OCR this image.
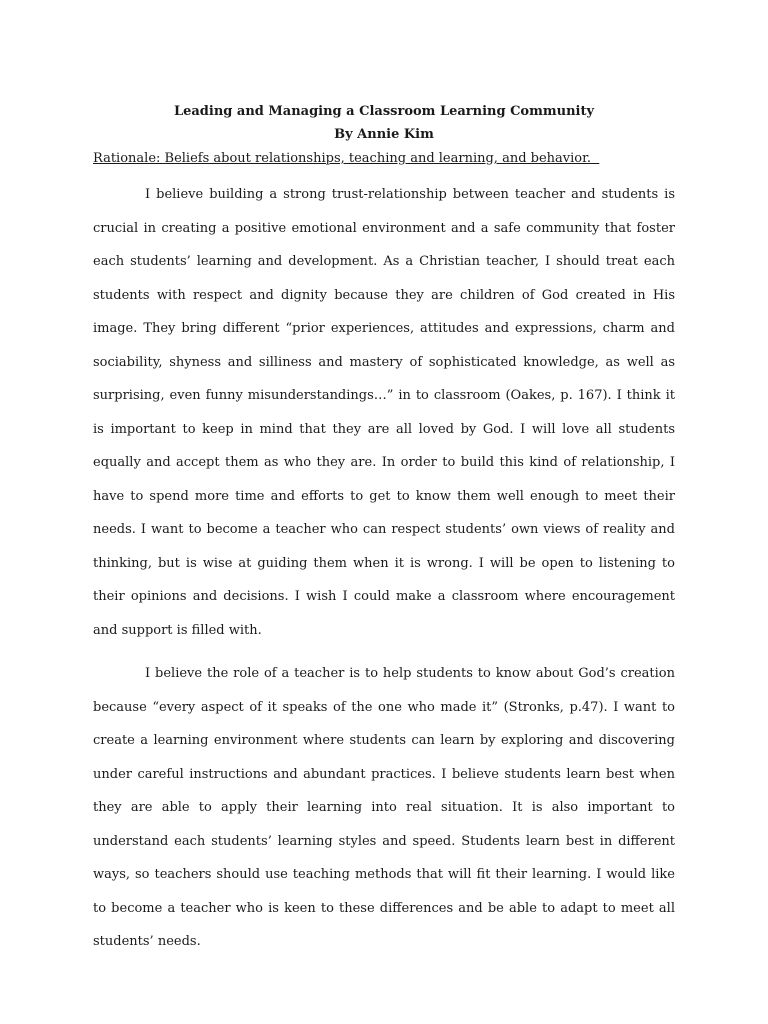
Leading and Managing a Classroom Learning Community

By Annie Kim

Rationale: Beliefs about relationships, teaching and learning, and behavior.

I believe building a strong trust-relationship between teacher and students is crucial in creating a positive emotional environment and a safe community that foster each students’ learning and development. As a Christian teacher, I should treat each students with respect and dignity because they are children of God created in His image. They bring different “prior experiences, attitudes and expressions, charm and sociability, shyness and silliness and mastery of sophisticated knowledge, as well as surprising, even funny misunderstandings…” in to classroom (Oakes, p. 167). I think it is important to keep in mind that they are all loved by God. I will love all students equally and accept them as who they are. In order to build this kind of relationship, I have to spend more time and efforts to get to know them well enough to meet their needs. I want to become a teacher who can respect students’ own views of reality and thinking, but is wise at guiding them when it is wrong. I will be open to listening to their opinions and decisions. I wish I could make a classroom where encouragement and support is filled with.

I believe the role of a teacher is to help students to know about God’s creation because “every aspect of it speaks of the one who made it” (Stronks, p.47). I want to create a learning environment where students can learn by exploring and discovering under careful instructions and abundant practices. I believe students learn best when they are able to apply their learning into real situation. It is also important to understand each students’ learning styles and speed. Students learn best in different ways, so teachers should use teaching methods that will fit their learning. I would like to become a teacher who is keen to these differences and be able to adapt to meet all students’ needs.
